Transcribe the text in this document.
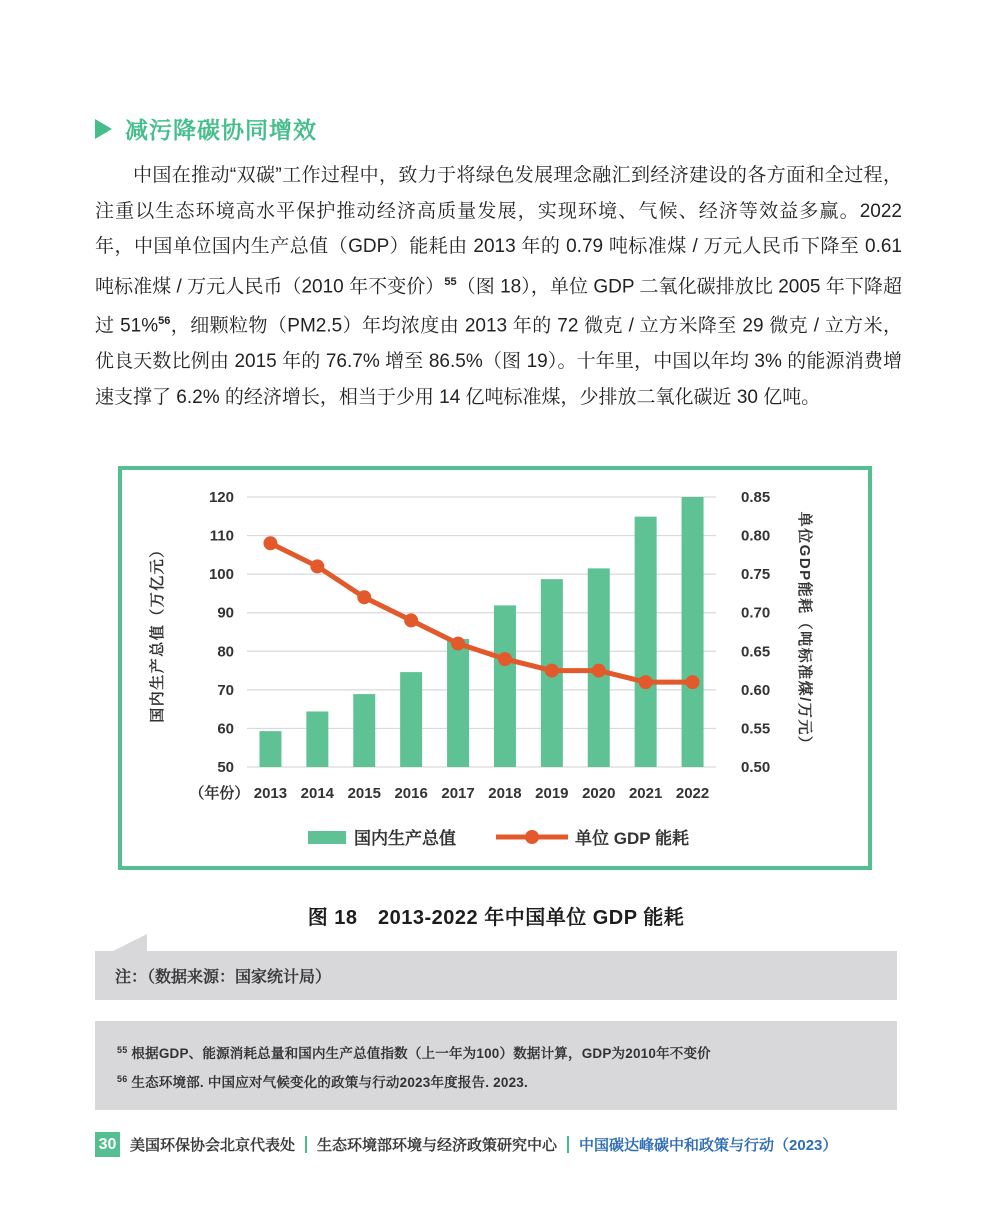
减污降碳协同增效

中国在推动“双碳”工作过程中，致力于将绿色发展理念融汇到经济建设的各方面和全过程，注重以生态环境高水平保护推动经济高质量发展，实现环境、气候、经济等效益多赢。2022 年，中国单位国内生产总值（GDP）能耗由 2013 年的 0.79 吨标准煤 / 万元人民币下降至 0.61 吨标准煤 / 万元人民币（2010 年不变价）$^{55}$（图 18），单位 GDP 二氧化碳排放比 2005 年下降超过 51%$^{56}$，细颗粒物（PM2.5）年均浓度由 2013 年的 72 微克 / 立方米降至 29 微克 / 立方米，优良天数比例由 2015 年的 76.7% 增至 86.5%（图 19）。十年里，中国以年均 3% 的能源消费增速支撑了 6.2% 的经济增长，相当于少用 14 亿吨标准煤，少排放二氧化碳近 30 亿吨。

50
60
70
80
90
100
110
120
0.50
0.55
0.60
0.65
0.70
0.75
0.80
0.85
2013 2014 2015 2016 2017 2018 2019 2020 2021 2022
（年份）
国内生产总值（万亿元）	单位GDP能耗（吨标准煤/万元）
国内生产总值	单位 GDP 能耗
图 18　2013-2022 年中国单位 GDP 能耗
注：（数据来源：国家统计局）
$^{55}$ 根据GDP、能源消耗总量和国内生产总值指数（上一年为100）数据计算，GDP为2010年不变价
$^{56}$ 生态环境部. 中国应对气候变化的政策与行动2023年度报告. 2023.
30 美国环保协会北京代表处 生态环境部环境与经济政策研究中心 中国碳达峰碳中和政策与行动（2023）
